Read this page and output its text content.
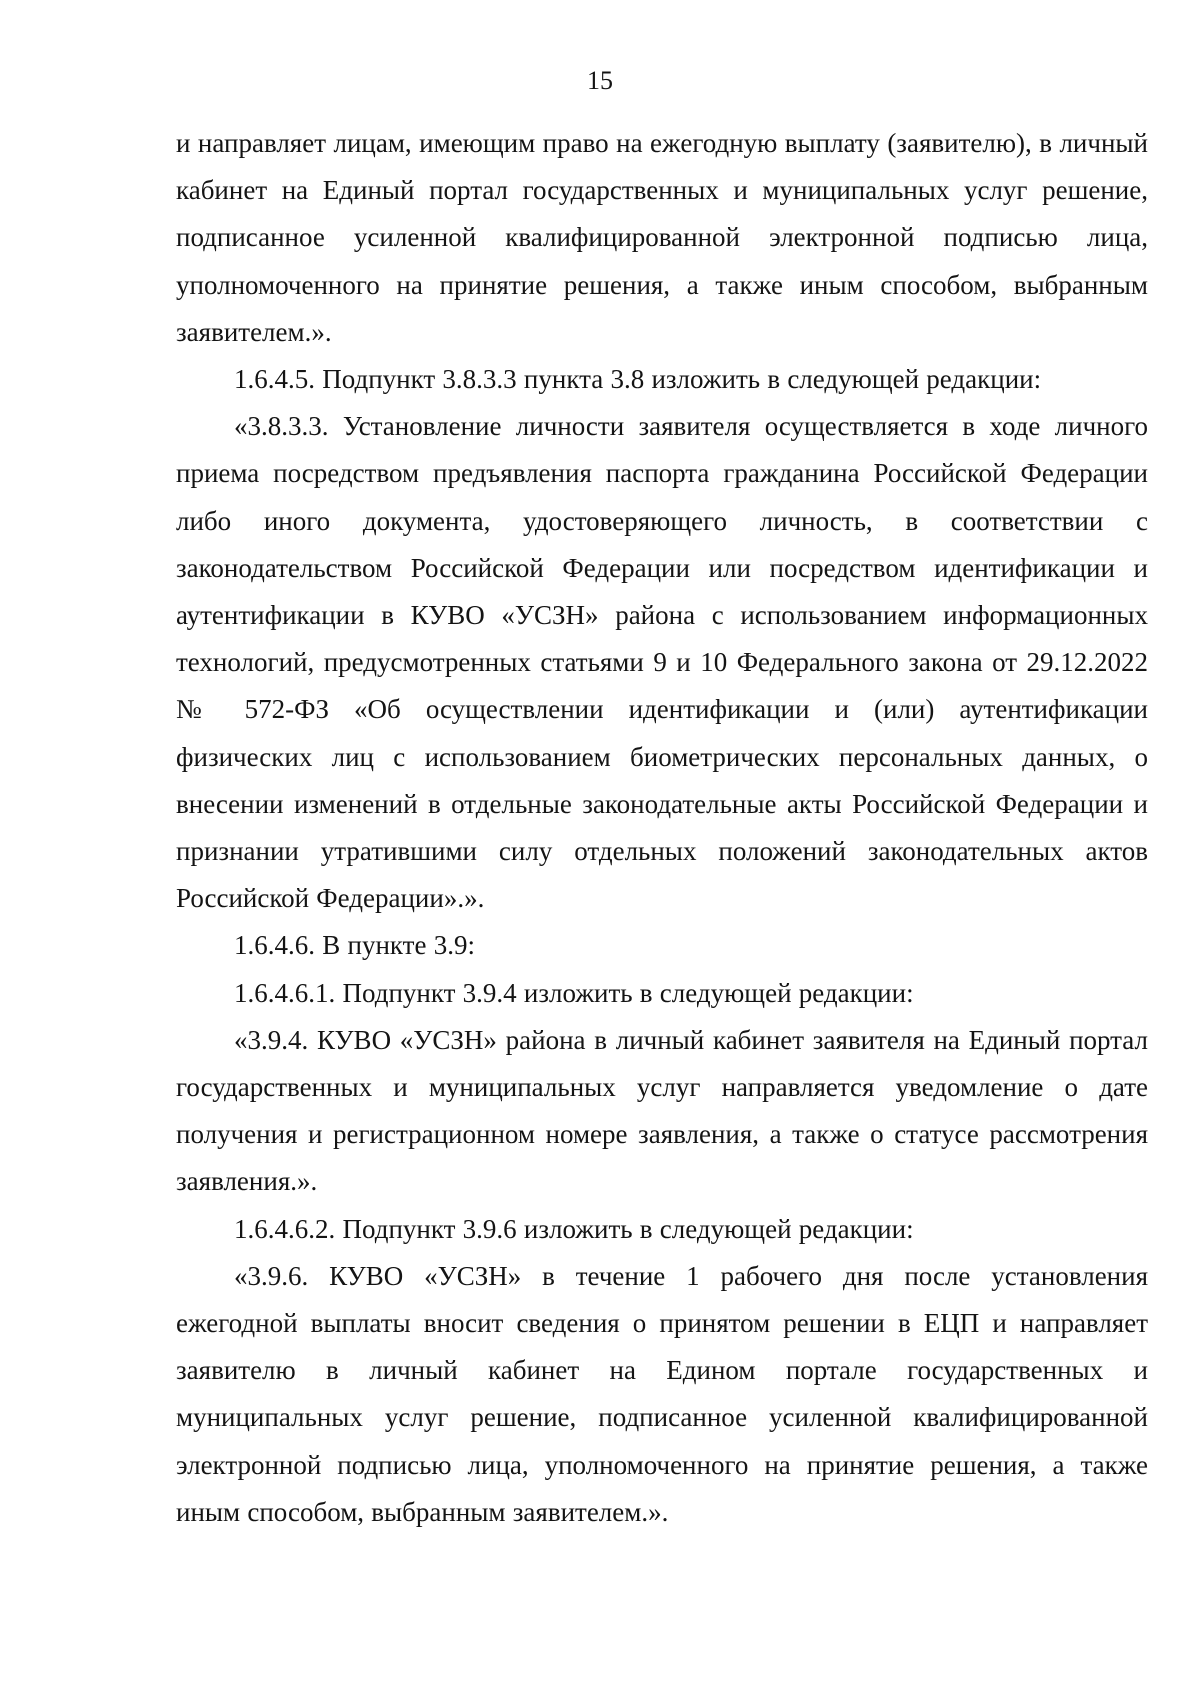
15

и направляет лицам, имеющим право на ежегодную выплату (заявителю), в личный кабинет на Единый портал государственных и муниципальных услуг решение, подписанное усиленной квалифицированной электронной подписью лица, уполномоченного на принятие решения, а также иным способом, выбранным заявителем.».

1.6.4.5. Подпункт 3.8.3.3 пункта 3.8 изложить в следующей редакции:

«3.8.3.3. Установление личности заявителя осуществляется в ходе личного приема посредством предъявления паспорта гражданина Российской Федерации либо иного документа, удостоверяющего личность, в соответствии с законодательством Российской Федерации или посредством идентификации и аутентификации в КУВО «УСЗН» района с использованием информационных технологий, предусмотренных статьями 9 и 10 Федерального закона от 29.12.2022 № 572-ФЗ «Об осуществлении идентификации и (или) аутентификации физических лиц с использованием биометрических персональных данных, о внесении изменений в отдельные законодательные акты Российской Федерации и признании утратившими силу отдельных положений законодательных актов Российской Федерации».».

1.6.4.6. В пункте 3.9:

1.6.4.6.1. Подпункт 3.9.4 изложить в следующей редакции:

«3.9.4. КУВО «УСЗН» района в личный кабинет заявителя на Единый портал государственных и муниципальных услуг направляется уведомление о дате получения и регистрационном номере заявления, а также о статусе рассмотрения заявления.».

1.6.4.6.2. Подпункт 3.9.6 изложить в следующей редакции:

«3.9.6. КУВО «УСЗН» в течение 1 рабочего дня после установления ежегодной выплаты вносит сведения о принятом решении в ЕЦП и направляет заявителю в личный кабинет на Едином портале государственных и муниципальных услуг решение, подписанное усиленной квалифицированной электронной подписью лица, уполномоченного на принятие решения, а также иным способом, выбранным заявителем.».
